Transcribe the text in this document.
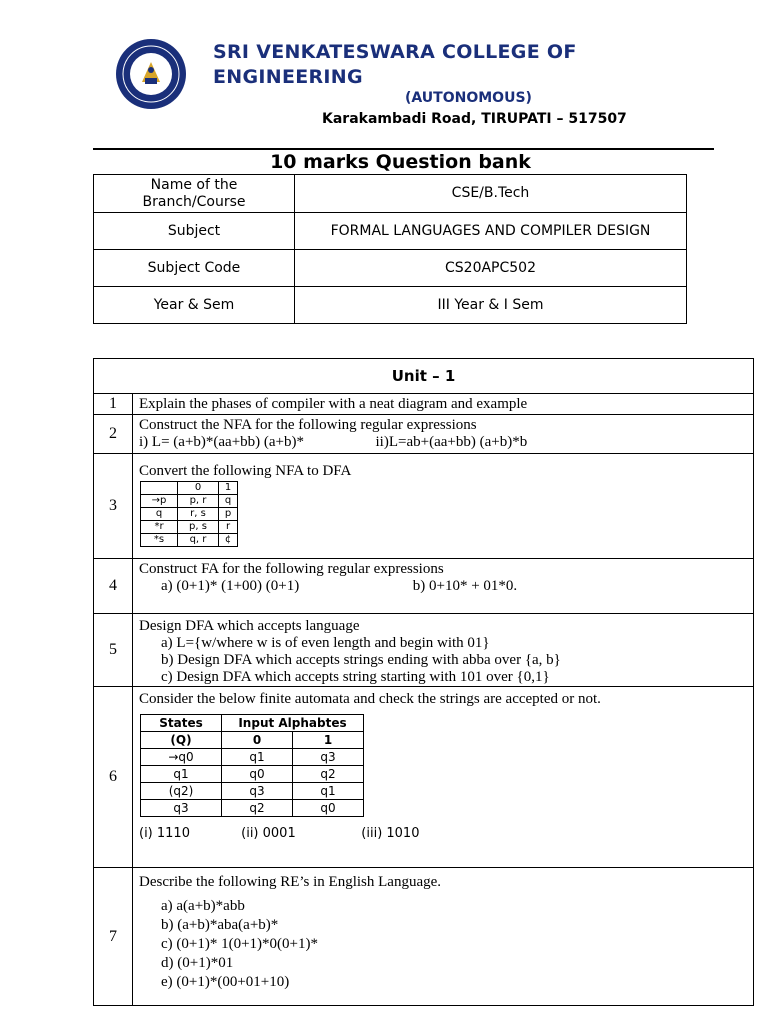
SRI VENKATESWARA COLLEGE OF ENGINEERING
(AUTONOMOUS)
Karakambadi Road, TIRUPATI – 517507
10 marks Question bank
Name of the Branch/Course	CSE/B.Tech
Subject	FORMAL LANGUAGES AND COMPILER DESIGN
Subject Code	CS20APC502
Year & Sem	III Year & I Sem
Unit – 1
1	Explain the phases of compiler with a neat diagram and example
2	Construct the NFA for the following regular expressions
i) L= (a+b)*(aa+bb) (a+b)*	ii)L=ab+(aa+bb) (a+b)*b

3	
Convert the following NFA to DFA
	0	1
→p	p, r	q
q	r, s	p
*r	p, s	r
*s	q, r	¢

4	
Construct FA for the following regular expressions
a) (0+1)* (1+00) (0+1)	b) 0+10* + 01*0.

5	
Design DFA which accepts language
a) L={w/where w is of even length and begin with 01}
b) Design DFA which accepts strings ending with abba over {a, b}
c) Design DFA which accepts string starting with 101 over {0,1}

6	
Consider the below finite automata and check the strings are accepted or not.
States	Input Alphabtes
(Q)	0	1
→q0	q1	q3
q1	q0	q2
(q2)	q3	q1
q3	q2	q0
(i) 1110	(ii) 0001	(iii) 1010

7	
Describe the following RE’s in English Language.
a) a(a+b)*abb
b) (a+b)*aba(a+b)*
c) (0+1)* 1(0+1)*0(0+1)*
d) (0+1)*01
e) (0+1)*(00+01+10)
